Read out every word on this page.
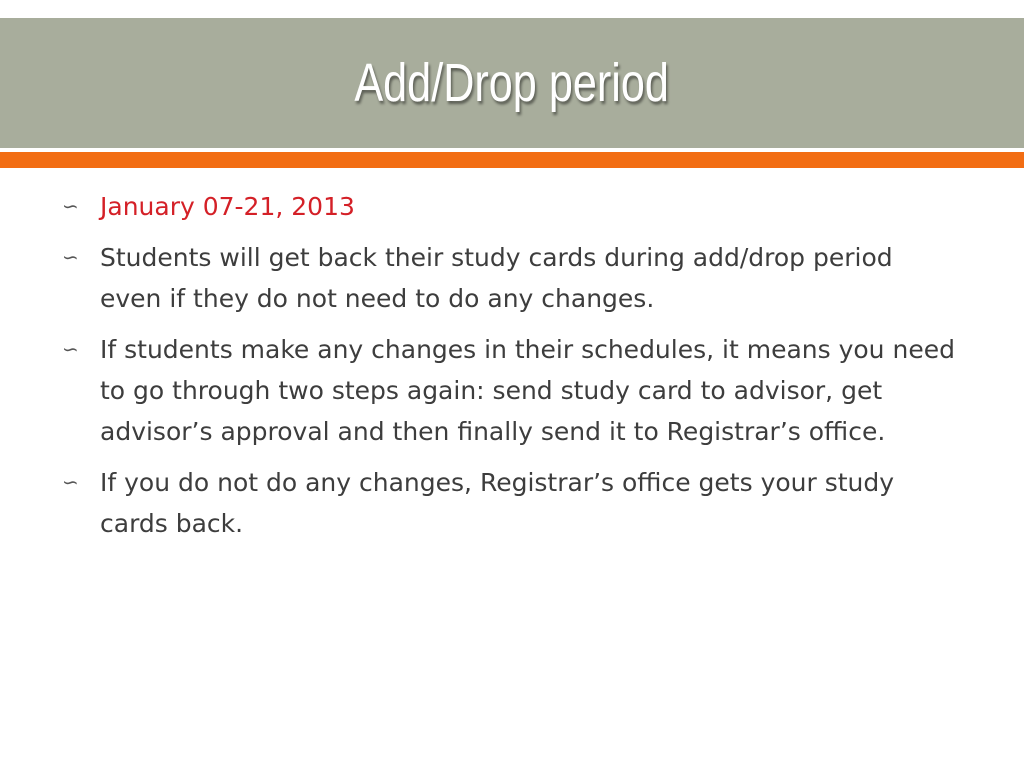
Add/Drop period
∽ January 07-21, 2013
∽ Students will get back their study cards during add/drop period even if they do not need to do any changes.
∽ If students make any changes in their schedules, it means you need to go through two steps again: send study card to advisor, get advisor’s approval and then finally send it to Registrar’s office.
∽ If you do not do any changes, Registrar’s office gets your study cards back.
